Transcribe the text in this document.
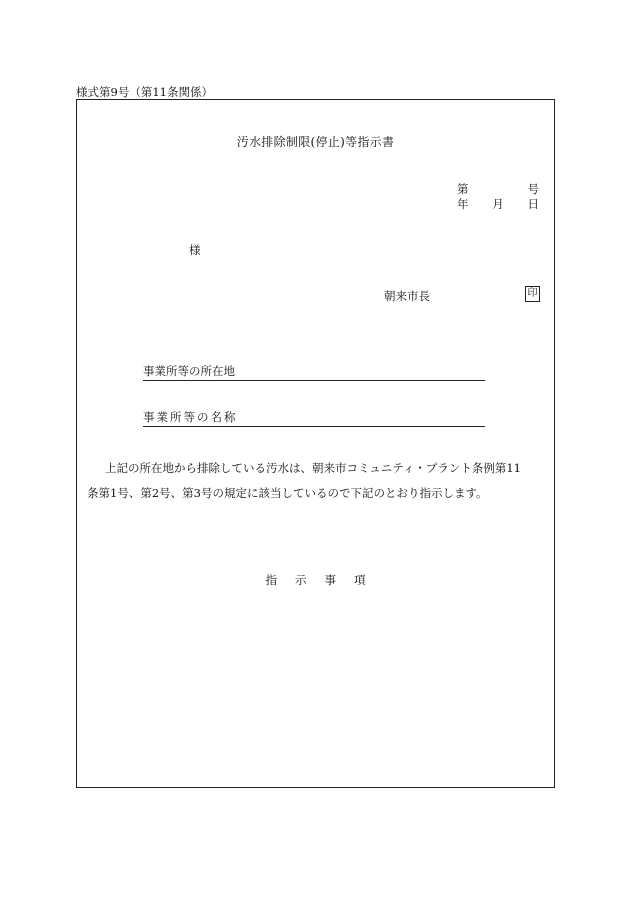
様式第9号（第11条関係）
汚水排除制限(停止)等指示書
第	号
年 月 日
様
朝来市長	印
事業所等の所在地
事業所等の名称
上記の所在地から排除している汚水は、朝来市コミュニティ・プラント条例第11
条第1号、第2号、第3号の規定に該当しているので下記のとおり指示します。
指 示 事 項
